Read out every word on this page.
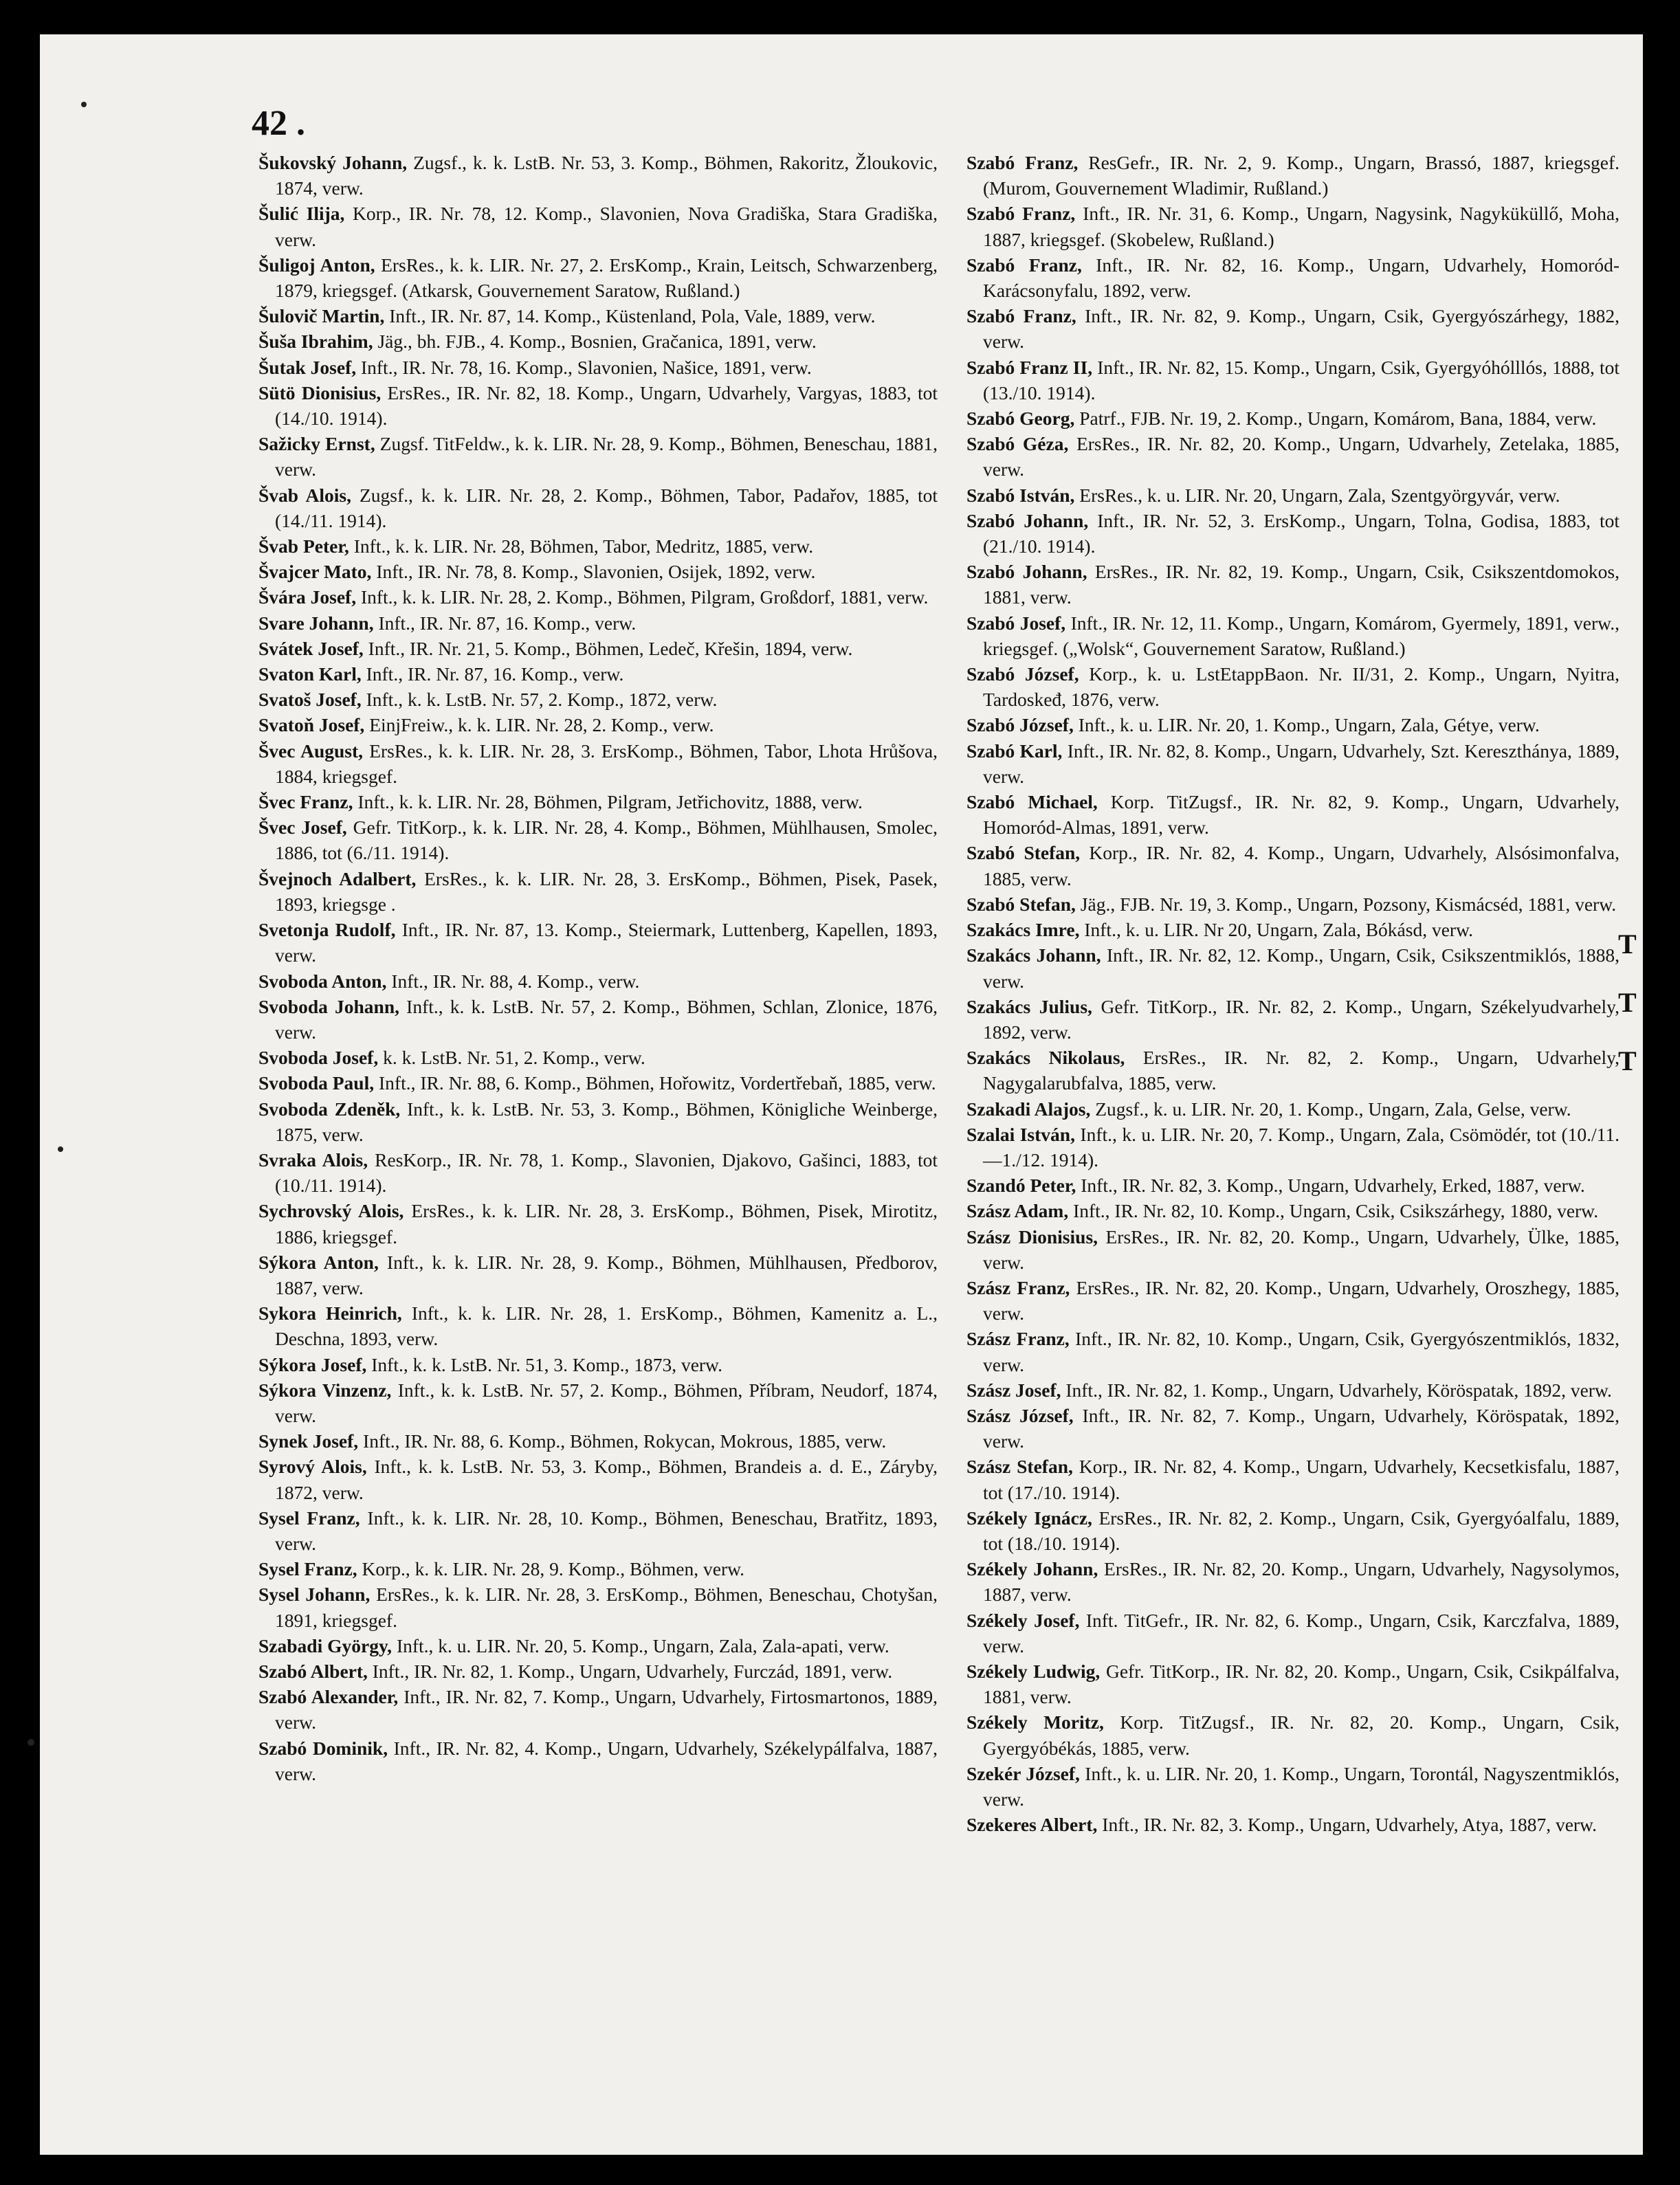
42 .

Šukovský Johann, Zugsf., k. k. LstB. Nr. 53, 3. Komp., Böhmen, Rakoritz, Žloukovic, 1874, verw.

Šulić Ilija, Korp., IR. Nr. 78, 12. Komp., Slavonien, Nova Gradiška, Stara Gradiška, verw.

Šuligoj Anton, ErsRes., k. k. LIR. Nr. 27, 2. ErsKomp., Krain, Leitsch, Schwarzenberg, 1879, kriegsgef. (Atkarsk, Gouvernement Saratow, Rußland.)

Šulovič Martin, Inft., IR. Nr. 87, 14. Komp., Küstenland, Pola, Vale, 1889, verw.

Šuša Ibrahim, Jäg., bh. FJB., 4. Komp., Bosnien, Gračanica, 1891, verw.

Šutak Josef, Inft., IR. Nr. 78, 16. Komp., Slavonien, Našice, 1891, verw.

Sütö Dionisius, ErsRes., IR. Nr. 82, 18. Komp., Ungarn, Udvarhely, Vargyas, 1883, tot (14./10. 1914).

Sažicky Ernst, Zugsf. TitFeldw., k. k. LIR. Nr. 28, 9. Komp., Böhmen, Beneschau, 1881, verw.

Švab Alois, Zugsf., k. k. LIR. Nr. 28, 2. Komp., Böhmen, Tabor, Padařov, 1885, tot (14./11. 1914).

Švab Peter, Inft., k. k. LIR. Nr. 28, Böhmen, Tabor, Medritz, 1885, verw.

Švajcer Mato, Inft., IR. Nr. 78, 8. Komp., Slavonien, Osijek, 1892, verw.

Švára Josef, Inft., k. k. LIR. Nr. 28, 2. Komp., Böhmen, Pilgram, Großdorf, 1881, verw.

Svare Johann, Inft., IR. Nr. 87, 16. Komp., verw.

Svátek Josef, Inft., IR. Nr. 21, 5. Komp., Böhmen, Ledeč, Křešin, 1894, verw.

Svaton Karl, Inft., IR. Nr. 87, 16. Komp., verw.

Svatoš Josef, Inft., k. k. LstB. Nr. 57, 2. Komp., 1872, verw.

Svatoň Josef, EinjFreiw., k. k. LIR. Nr. 28, 2. Komp., verw.

Švec August, ErsRes., k. k. LIR. Nr. 28, 3. ErsKomp., Böhmen, Tabor, Lhota Hrůšova, 1884, kriegsgef.

Švec Franz, Inft., k. k. LIR. Nr. 28, Böhmen, Pilgram, Jetřichovitz, 1888, verw.

Švec Josef, Gefr. TitKorp., k. k. LIR. Nr. 28, 4. Komp., Böhmen, Mühlhausen, Smolec, 1886, tot (6./11. 1914).

Švejnoch Adalbert, ErsRes., k. k. LIR. Nr. 28, 3. ErsKomp., Böhmen, Pisek, Pasek, 1893, kriegsge .

Svetonja Rudolf, Inft., IR. Nr. 87, 13. Komp., Steiermark, Luttenberg, Kapellen, 1893, verw.

Svoboda Anton, Inft., IR. Nr. 88, 4. Komp., verw.

Svoboda Johann, Inft., k. k. LstB. Nr. 57, 2. Komp., Böhmen, Schlan, Zlonice, 1876, verw.

Svoboda Josef, k. k. LstB. Nr. 51, 2. Komp., verw.

Svoboda Paul, Inft., IR. Nr. 88, 6. Komp., Böhmen, Hořowitz, Vordertřebaň, 1885, verw.

Svoboda Zdeněk, Inft., k. k. LstB. Nr. 53, 3. Komp., Böhmen, Königliche Weinberge, 1875, verw.

Svraka Alois, ResKorp., IR. Nr. 78, 1. Komp., Slavonien, Djakovo, Gašinci, 1883, tot (10./11. 1914).

Sychrovský Alois, ErsRes., k. k. LIR. Nr. 28, 3. ErsKomp., Böhmen, Pisek, Mirotitz, 1886, kriegsgef.

Sýkora Anton, Inft., k. k. LIR. Nr. 28, 9. Komp., Böhmen, Mühlhausen, Předborov, 1887, verw.

Sykora Heinrich, Inft., k. k. LIR. Nr. 28, 1. ErsKomp., Böhmen, Kamenitz a. L., Deschna, 1893, verw.

Sýkora Josef, Inft., k. k. LstB. Nr. 51, 3. Komp., 1873, verw.

Sýkora Vinzenz, Inft., k. k. LstB. Nr. 57, 2. Komp., Böhmen, Příbram, Neudorf, 1874, verw.

Synek Josef, Inft., IR. Nr. 88, 6. Komp., Böhmen, Rokycan, Mokrous, 1885, verw.

Syrový Alois, Inft., k. k. LstB. Nr. 53, 3. Komp., Böhmen, Brandeis a. d. E., Záryby, 1872, verw.

Sysel Franz, Inft., k. k. LIR. Nr. 28, 10. Komp., Böhmen, Beneschau, Bratřitz, 1893, verw.

Sysel Franz, Korp., k. k. LIR. Nr. 28, 9. Komp., Böhmen, verw.

Sysel Johann, ErsRes., k. k. LIR. Nr. 28, 3. ErsKomp., Böhmen, Beneschau, Chotyšan, 1891, kriegsgef.

Szabadi György, Inft., k. u. LIR. Nr. 20, 5. Komp., Ungarn, Zala, Zala-apati, verw.

Szabó Albert, Inft., IR. Nr. 82, 1. Komp., Ungarn, Udvarhely, Furczád, 1891, verw.

Szabó Alexander, Inft., IR. Nr. 82, 7. Komp., Ungarn, Udvarhely, Firtosmartonos, 1889, verw.

Szabó Dominik, Inft., IR. Nr. 82, 4. Komp., Ungarn, Udvarhely, Székelypálfalva, 1887, verw.

Szabó Franz, ResGefr., IR. Nr. 2, 9. Komp., Ungarn, Brassó, 1887, kriegsgef. (Murom, Gouvernement Wladimir, Rußland.)

Szabó Franz, Inft., IR. Nr. 31, 6. Komp., Ungarn, Nagysink, Nagyküküllő, Moha, 1887, kriegsgef. (Skobelew, Rußland.)

Szabó Franz, Inft., IR. Nr. 82, 16. Komp., Ungarn, Udvarhely, Homoród-Karácsonyfalu, 1892, verw.

Szabó Franz, Inft., IR. Nr. 82, 9. Komp., Ungarn, Csik, Gyergyószárhegy, 1882, verw.

Szabó Franz II, Inft., IR. Nr. 82, 15. Komp., Ungarn, Csik, Gyergyóhólllós, 1888, tot (13./10. 1914).

Szabó Georg, Patrf., FJB. Nr. 19, 2. Komp., Ungarn, Komárom, Bana, 1884, verw.

Szabó Géza, ErsRes., IR. Nr. 82, 20. Komp., Ungarn, Udvarhely, Zetelaka, 1885, verw.

Szabó István, ErsRes., k. u. LIR. Nr. 20, Ungarn, Zala, Szentgyörgyvár, verw.

Szabó Johann, Inft., IR. Nr. 52, 3. ErsKomp., Ungarn, Tolna, Godisa, 1883, tot (21./10. 1914).

Szabó Johann, ErsRes., IR. Nr. 82, 19. Komp., Ungarn, Csik, Csikszentdomokos, 1881, verw.

Szabó Josef, Inft., IR. Nr. 12, 11. Komp., Ungarn, Komárom, Gyermely, 1891, verw., kriegsgef. („Wolsk“, Gouvernement Saratow, Rußland.)

Szabó József, Korp., k. u. LstEtappBaon. Nr. II/31, 2. Komp., Ungarn, Nyitra, Tardoskeđ, 1876, verw.

Szabó József, Inft., k. u. LIR. Nr. 20, 1. Komp., Ungarn, Zala, Gétye, verw.

Szabó Karl, Inft., IR. Nr. 82, 8. Komp., Ungarn, Udvarhely, Szt. Kereszthánya, 1889, verw.

Szabó Michael, Korp. TitZugsf., IR. Nr. 82, 9. Komp., Ungarn, Udvarhely, Homoród-Almas, 1891, verw.

Szabó Stefan, Korp., IR. Nr. 82, 4. Komp., Ungarn, Udvarhely, Alsósimonfalva, 1885, verw.

Szabó Stefan, Jäg., FJB. Nr. 19, 3. Komp., Ungarn, Pozsony, Kismácséd, 1881, verw.

Szakács Imre, Inft., k. u. LIR. Nr 20, Ungarn, Zala, Bókásd, verw.

Szakács Johann, Inft., IR. Nr. 82, 12. Komp., Ungarn, Csik, Csikszentmiklós, 1888, verw.

Szakács Julius, Gefr. TitKorp., IR. Nr. 82, 2. Komp., Ungarn, Székelyudvarhely, 1892, verw.

Szakács Nikolaus, ErsRes., IR. Nr. 82, 2. Komp., Ungarn, Udvarhely, Nagygalarubfalva, 1885, verw.

Szakadi Alajos, Zugsf., k. u. LIR. Nr. 20, 1. Komp., Ungarn, Zala, Gelse, verw.

Szalai István, Inft., k. u. LIR. Nr. 20, 7. Komp., Ungarn, Zala, Csömödér, tot (10./11.—1./12. 1914).

Szandó Peter, Inft., IR. Nr. 82, 3. Komp., Ungarn, Udvarhely, Erked, 1887, verw.

Szász Adam, Inft., IR. Nr. 82, 10. Komp., Ungarn, Csik, Csikszárhegy, 1880, verw.

Szász Dionisius, ErsRes., IR. Nr. 82, 20. Komp., Ungarn, Udvarhely, Ülke, 1885, verw.

Szász Franz, ErsRes., IR. Nr. 82, 20. Komp., Ungarn, Udvarhely, Oroszhegy, 1885, verw.

Szász Franz, Inft., IR. Nr. 82, 10. Komp., Ungarn, Csik, Gyergyószentmiklós, 1832, verw.

Szász Josef, Inft., IR. Nr. 82, 1. Komp., Ungarn, Udvarhely, Köröspatak, 1892, verw.

Szász József, Inft., IR. Nr. 82, 7. Komp., Ungarn, Udvarhely, Köröspatak, 1892, verw.

Szász Stefan, Korp., IR. Nr. 82, 4. Komp., Ungarn, Udvarhely, Kecsetkisfalu, 1887, tot (17./10. 1914).

Székely Ignácz, ErsRes., IR. Nr. 82, 2. Komp., Ungarn, Csik, Gyergyóalfalu, 1889, tot (18./10. 1914).

Székely Johann, ErsRes., IR. Nr. 82, 20. Komp., Ungarn, Udvarhely, Nagysolymos, 1887, verw.

Székely Josef, Inft. TitGefr., IR. Nr. 82, 6. Komp., Ungarn, Csik, Karczfalva, 1889, verw.

Székely Ludwig, Gefr. TitKorp., IR. Nr. 82, 20. Komp., Ungarn, Csik, Csikpálfalva, 1881, verw.

Székely Moritz, Korp. TitZugsf., IR. Nr. 82, 20. Komp., Ungarn, Csik, Gyergyóbékás, 1885, verw.

Szekér József, Inft., k. u. LIR. Nr. 20, 1. Komp., Ungarn, Torontál, Nagyszentmiklós, verw.

Szekeres Albert, Inft., IR. Nr. 82, 3. Komp., Ungarn, Udvarhely, Atya, 1887, verw.

T
T
T
